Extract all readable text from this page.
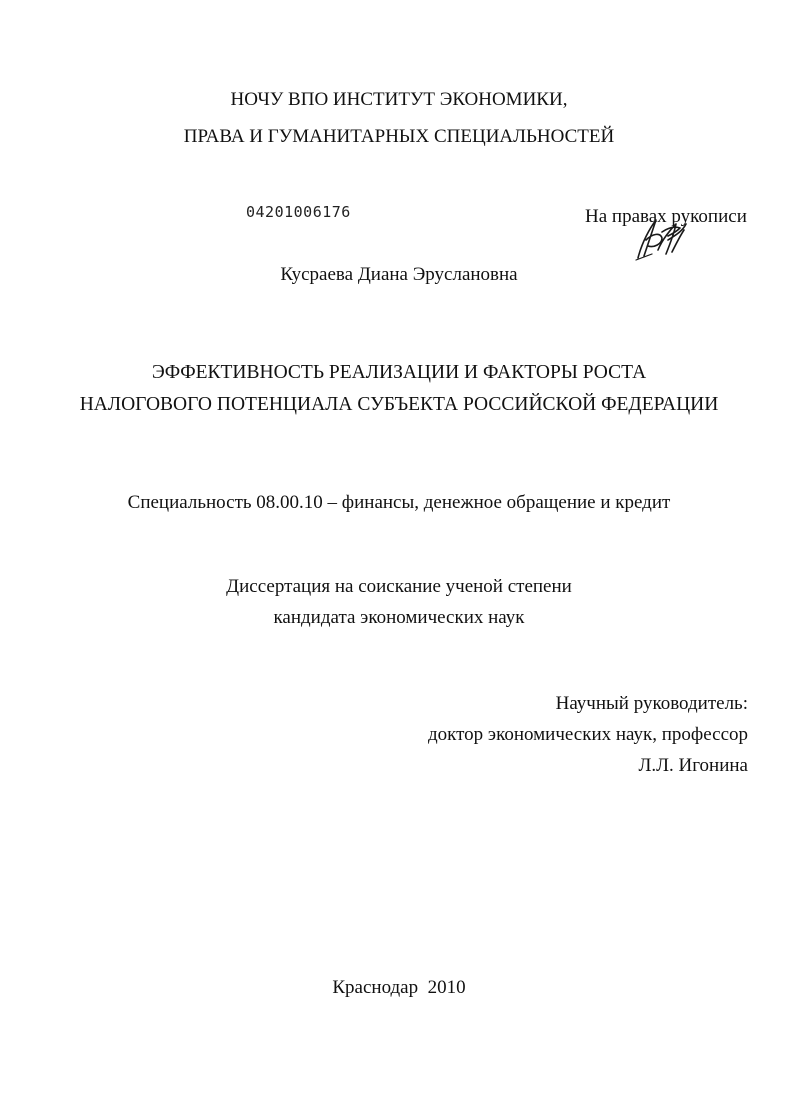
НОЧУ ВПО ИНСТИТУТ ЭКОНОМИКИ,
ПРАВА И ГУМАНИТАРНЫХ СПЕЦИАЛЬНОСТЕЙ
04201006176	На правах рукописи
Кусраева Диана Эруслановна
ЭФФЕКТИВНОСТЬ РЕАЛИЗАЦИИ И ФАКТОРЫ РОСТА
НАЛОГОВОГО ПОТЕНЦИАЛА СУБЪЕКТА РОССИЙСКОЙ ФЕДЕРАЦИИ
Специальность 08.00.10 – финансы, денежное обращение и кредит
Диссертация на соискание ученой степени
кандидата экономических наук
Научный руководитель:
доктор экономических наук, профессор
Л.Л. Игонина
Краснодар  2010
